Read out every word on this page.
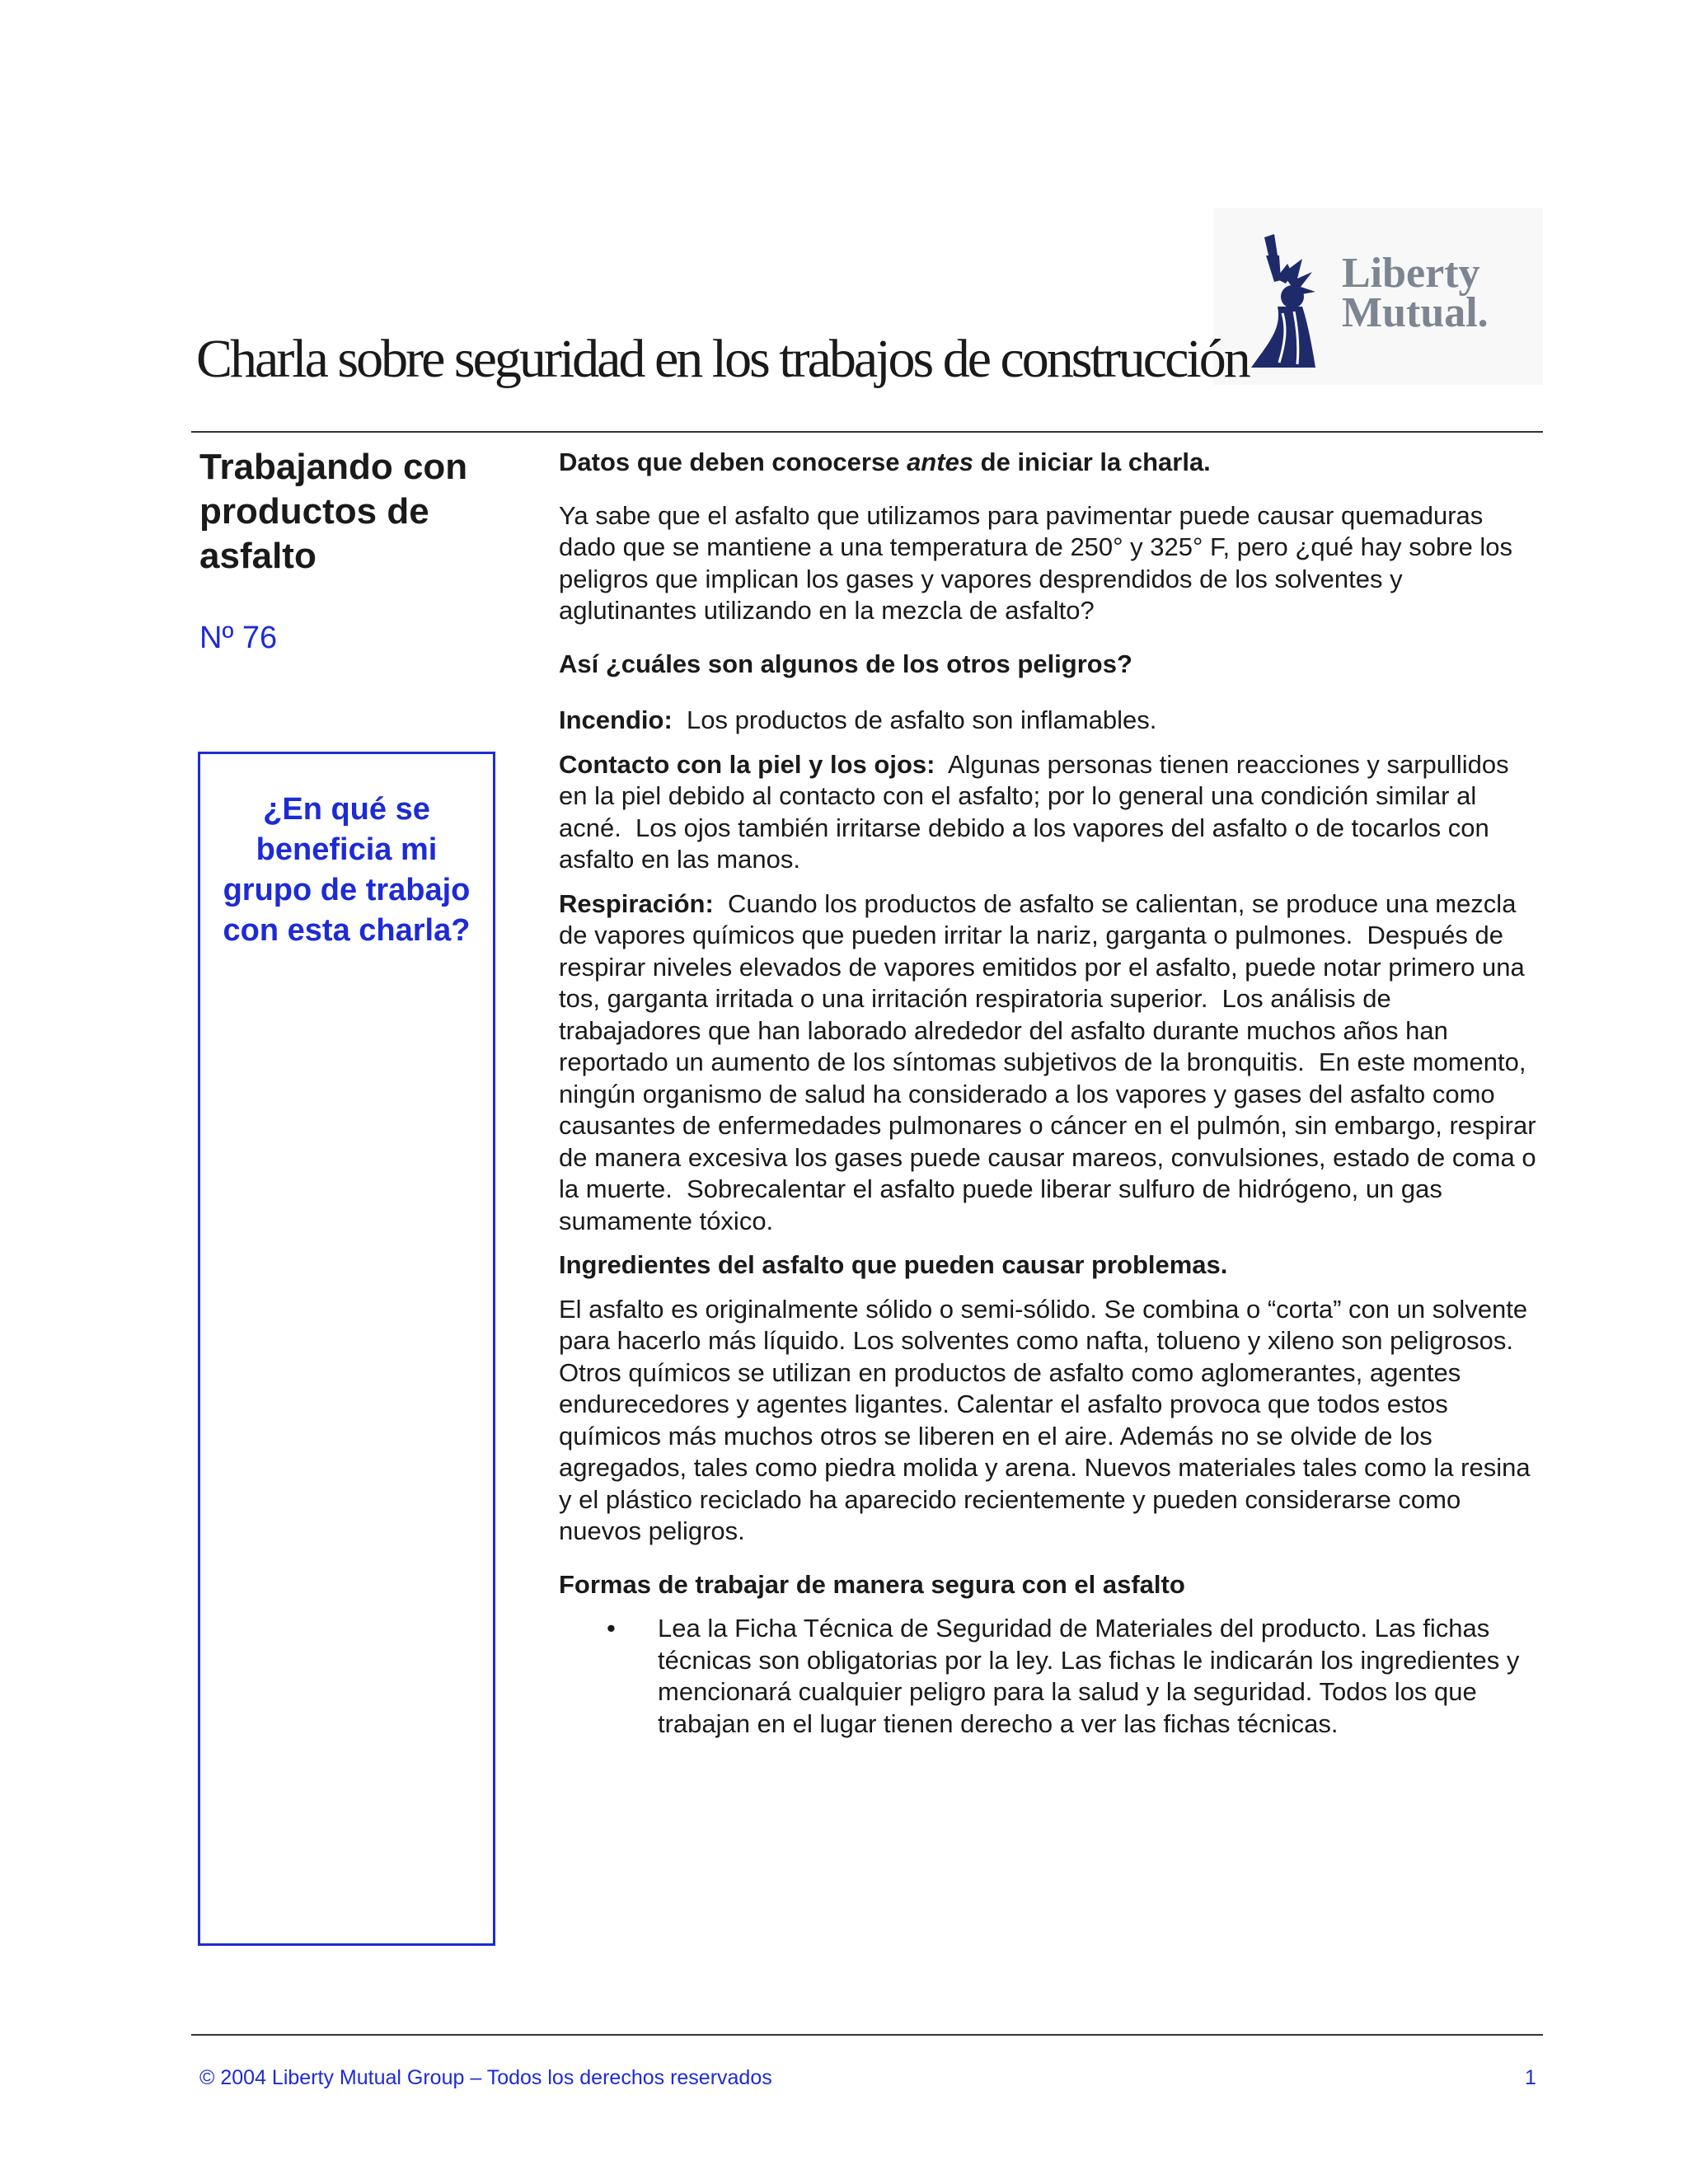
Liberty
Mutual.
Charla sobre seguridad en los trabajos de construcción
Trabajando con productos de asfalto
Nº 76
¿En qué se beneficia mi grupo de trabajo con esta charla?

Datos que deben conocerse antes de iniciar la charla.

Ya sabe que el asfalto que utilizamos para pavimentar puede causar quemaduras dado que se mantiene a una temperatura de 250° y 325° F, pero ¿qué hay sobre los peligros que implican los gases y vapores desprendidos de los solventes y aglutinantes utilizando en la mezcla de asfalto?

Así ¿cuáles son algunos de los otros peligros?

Incendio:  Los productos de asfalto son inflamables.

Contacto con la piel y los ojos:  Algunas personas tienen reacciones y sarpullidos en la piel debido al contacto con el asfalto; por lo general una condición similar al acné.  Los ojos también irritarse debido a los vapores del asfalto o de tocarlos con asfalto en las manos.

Respiración:  Cuando los productos de asfalto se calientan, se produce una mezcla de vapores químicos que pueden irritar la nariz, garganta o pulmones.  Después de respirar niveles elevados de vapores emitidos por el asfalto, puede notar primero una tos, garganta irritada o una irritación respiratoria superior.  Los análisis de trabajadores que han laborado alrededor del asfalto durante muchos años han reportado un aumento de los síntomas subjetivos de la bronquitis.  En este momento, ningún organismo de salud ha considerado a los vapores y gases del asfalto como causantes de enfermedades pulmonares o cáncer en el pulmón, sin embargo, respirar de manera excesiva los gases puede causar mareos, convulsiones, estado de coma o la muerte.  Sobrecalentar el asfalto puede liberar sulfuro de hidrógeno, un gas sumamente tóxico.

Ingredientes del asfalto que pueden causar problemas.

El asfalto es originalmente sólido o semi-sólido. Se combina o “corta” con un solvente para hacerlo más líquido. Los solventes como nafta, tolueno y xileno son peligrosos. Otros químicos se utilizan en productos de asfalto como aglomerantes, agentes endurecedores y agentes ligantes. Calentar el asfalto provoca que todos estos químicos más muchos otros se liberen en el aire. Además no se olvide de los agregados, tales como piedra molida y arena. Nuevos materiales tales como la resina y el plástico reciclado ha aparecido recientemente y pueden considerarse como nuevos peligros.

Formas de trabajar de manera segura con el asfalto

• Lea la Ficha Técnica de Seguridad de Materiales del producto. Las fichas técnicas son obligatorias por la ley. Las fichas le indicarán los ingredientes y mencionará cualquier peligro para la salud y la seguridad. Todos los que trabajan en el lugar tienen derecho a ver las fichas técnicas.
© 2004 Liberty Mutual Group – Todos los derechos reservados	1
